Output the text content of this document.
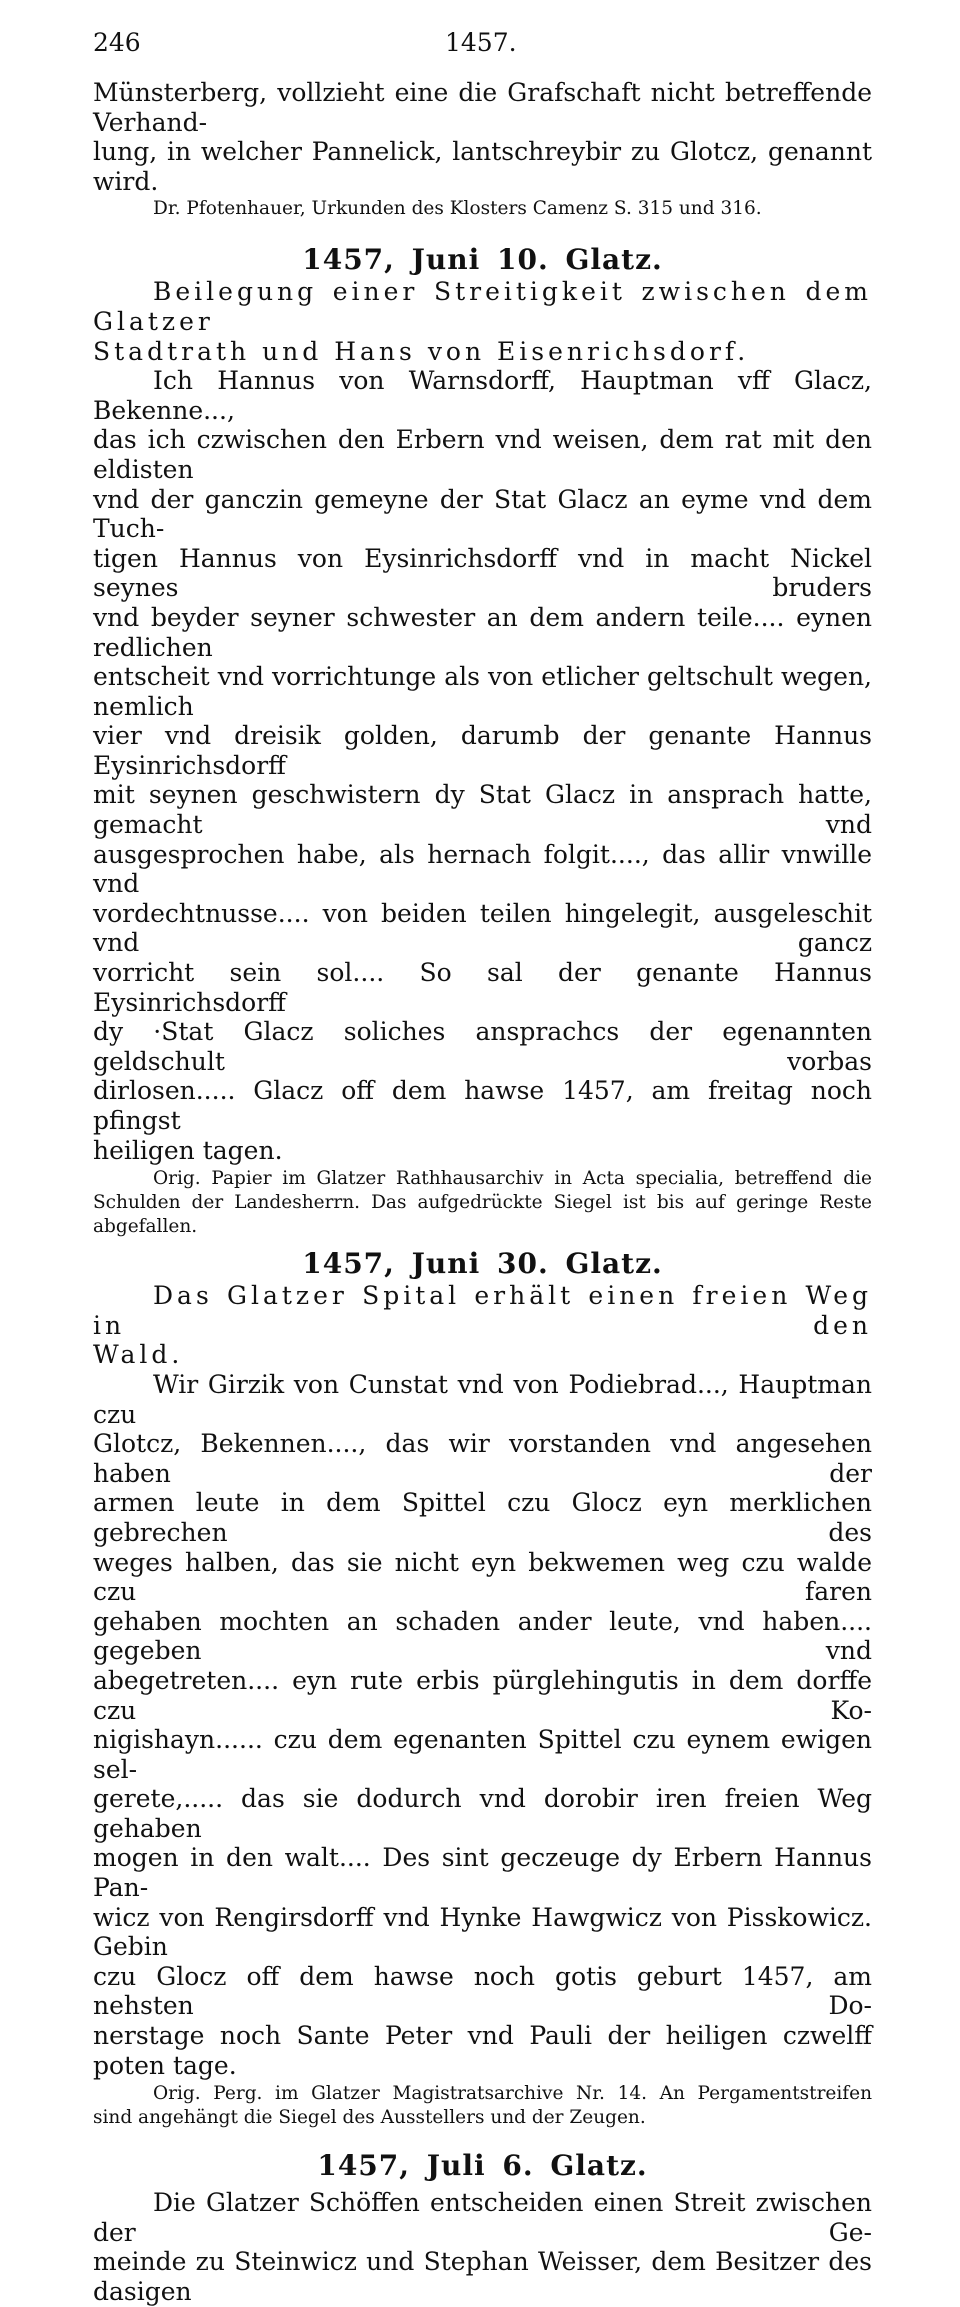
246	1457.

Münsterberg, vollzieht eine die Grafschaft nicht betreffende Verhand-

lung, in welcher Pannelick, lantschreybir zu Glotcz, genannt wird.

Dr. Pfotenhauer, Urkunden des Klosters Camenz S. 315 und 316.

1457, Juni 10. Glatz.

Beilegung einer Streitigkeit zwischen dem Glatzer

Stadtrath und Hans von Eisenrichsdorf.

Ich Hannus von Warnsdorff, Hauptman vff Glacz, Bekenne...,

das ich czwischen den Erbern vnd weisen, dem rat mit den eldisten

vnd der ganczin gemeyne der Stat Glacz an eyme vnd dem Tuch-

tigen Hannus von Eysinrichsdorff vnd in macht Nickel seynes bruders

vnd beyder seyner schwester an dem andern teile.... eynen redlichen

entscheit vnd vorrichtunge als von etlicher geltschult wegen, nemlich

vier vnd dreisik golden, darumb der genante Hannus Eysinrichsdorff

mit seynen geschwistern dy Stat Glacz in ansprach hatte, gemacht vnd

ausgesprochen habe, als hernach folgit...., das allir vnwille vnd

vordechtnusse.... von beiden teilen hingelegit, ausgeleschit vnd gancz

vorricht sein sol.... So sal der genante Hannus Eysinrichsdorff

dy ·Stat Glacz soliches ansprachcs der egenannten geldschult vorbas

dirlosen..... Glacz off dem hawse 1457, am freitag noch pfingst

heiligen tagen.

Orig. Papier im Glatzer Rathhausarchiv in Acta specialia, betreffend die

Schulden der Landesherrn. Das aufgedrückte Siegel ist bis auf geringe Reste

abgefallen.

1457, Juni 30. Glatz.

Das Glatzer Spital erhält einen freien Weg in den

Wald.

Wir Girzik von Cunstat vnd von Podiebrad..., Hauptman czu

Glotcz, Bekennen...., das wir vorstanden vnd angesehen haben der

armen leute in dem Spittel czu Glocz eyn merklichen gebrechen des

weges halben, das sie nicht eyn bekwemen weg czu walde czu faren

gehaben mochten an schaden ander leute, vnd haben.... gegeben vnd

abegetreten.... eyn rute erbis pürglehingutis in dem dorffe czu Ko-

nigishayn...... czu dem egenanten Spittel czu eynem ewigen sel-

gerete,..... das sie dodurch vnd dorobir iren freien Weg gehaben

mogen in den walt.... Des sint geczeuge dy Erbern Hannus Pan-

wicz von Rengirsdorff vnd Hynke Hawgwicz von Pisskowicz. Gebin

czu Glocz off dem hawse noch gotis geburt 1457, am nehsten Do-

nerstage noch Sante Peter vnd Pauli der heiligen czwelff poten tage.

Orig. Perg. im Glatzer Magistratsarchive Nr. 14. An Pergamentstreifen

sind angehängt die Siegel des Ausstellers und der Zeugen.

1457, Juli 6. Glatz.

Die Glatzer Schöffen entscheiden einen Streit zwischen der Ge-

meinde zu Steinwicz und Stephan Weisser, dem Besitzer des dasigen
